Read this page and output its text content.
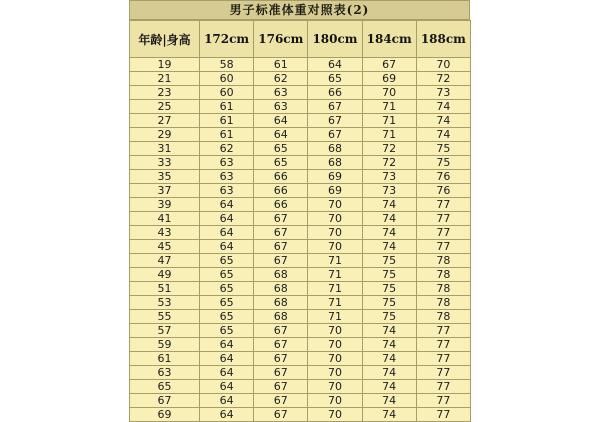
男子标准体重对照表(2)
年龄|身高	172cm	176cm	180cm	184cm	188cm
19	58	61	64	67	70
21	60	62	65	69	72
23	60	63	66	70	73
25	61	63	67	71	74
27	61	64	67	71	74
29	61	64	67	71	74
31	62	65	68	72	75
33	63	65	68	72	75
35	63	66	69	73	76
37	63	66	69	73	76
39	64	66	70	74	77
41	64	67	70	74	77
43	64	67	70	74	77
45	64	67	70	74	77
47	65	67	71	75	78
49	65	68	71	75	78
51	65	68	71	75	78
53	65	68	71	75	78
55	65	68	71	75	78
57	65	67	70	74	77
59	64	67	70	74	77
61	64	67	70	74	77
63	64	67	70	74	77
65	64	67	70	74	77
67	64	67	70	74	77
69	64	67	70	74	77
